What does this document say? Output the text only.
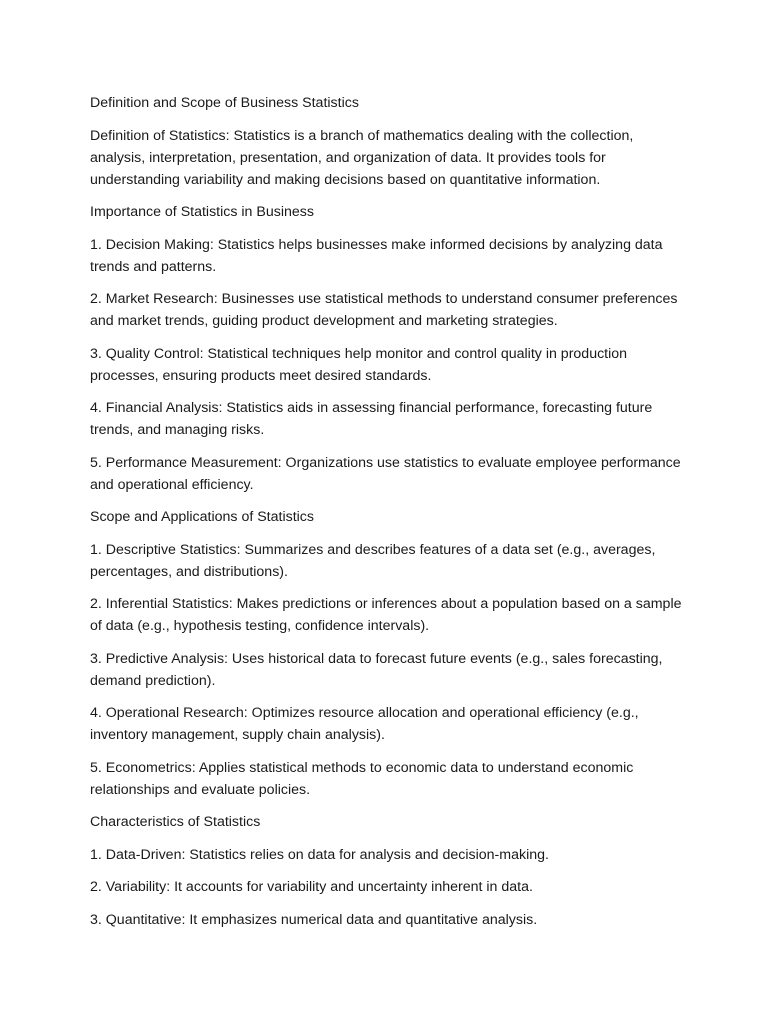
Definition and Scope of Business Statistics

Definition of Statistics: Statistics is a branch of mathematics dealing with the collection, analysis, interpretation, presentation, and organization of data. It provides tools for understanding variability and making decisions based on quantitative information.

Importance of Statistics in Business

1. Decision Making: Statistics helps businesses make informed decisions by analyzing data trends and patterns.

2. Market Research: Businesses use statistical methods to understand consumer preferences and market trends, guiding product development and marketing strategies.

3. Quality Control: Statistical techniques help monitor and control quality in production processes, ensuring products meet desired standards.

4. Financial Analysis: Statistics aids in assessing financial performance, forecasting future trends, and managing risks.

5. Performance Measurement: Organizations use statistics to evaluate employee performance and operational efficiency.

Scope and Applications of Statistics

1. Descriptive Statistics: Summarizes and describes features of a data set (e.g., averages, percentages, and distributions).

2. Inferential Statistics: Makes predictions or inferences about a population based on a sample of data (e.g., hypothesis testing, confidence intervals).

3. Predictive Analysis: Uses historical data to forecast future events (e.g., sales forecasting, demand prediction).

4. Operational Research: Optimizes resource allocation and operational efficiency (e.g., inventory management, supply chain analysis).

5. Econometrics: Applies statistical methods to economic data to understand economic relationships and evaluate policies.

Characteristics of Statistics

1. Data-Driven: Statistics relies on data for analysis and decision-making.

2. Variability: It accounts for variability and uncertainty inherent in data.

3. Quantitative: It emphasizes numerical data and quantitative analysis.
